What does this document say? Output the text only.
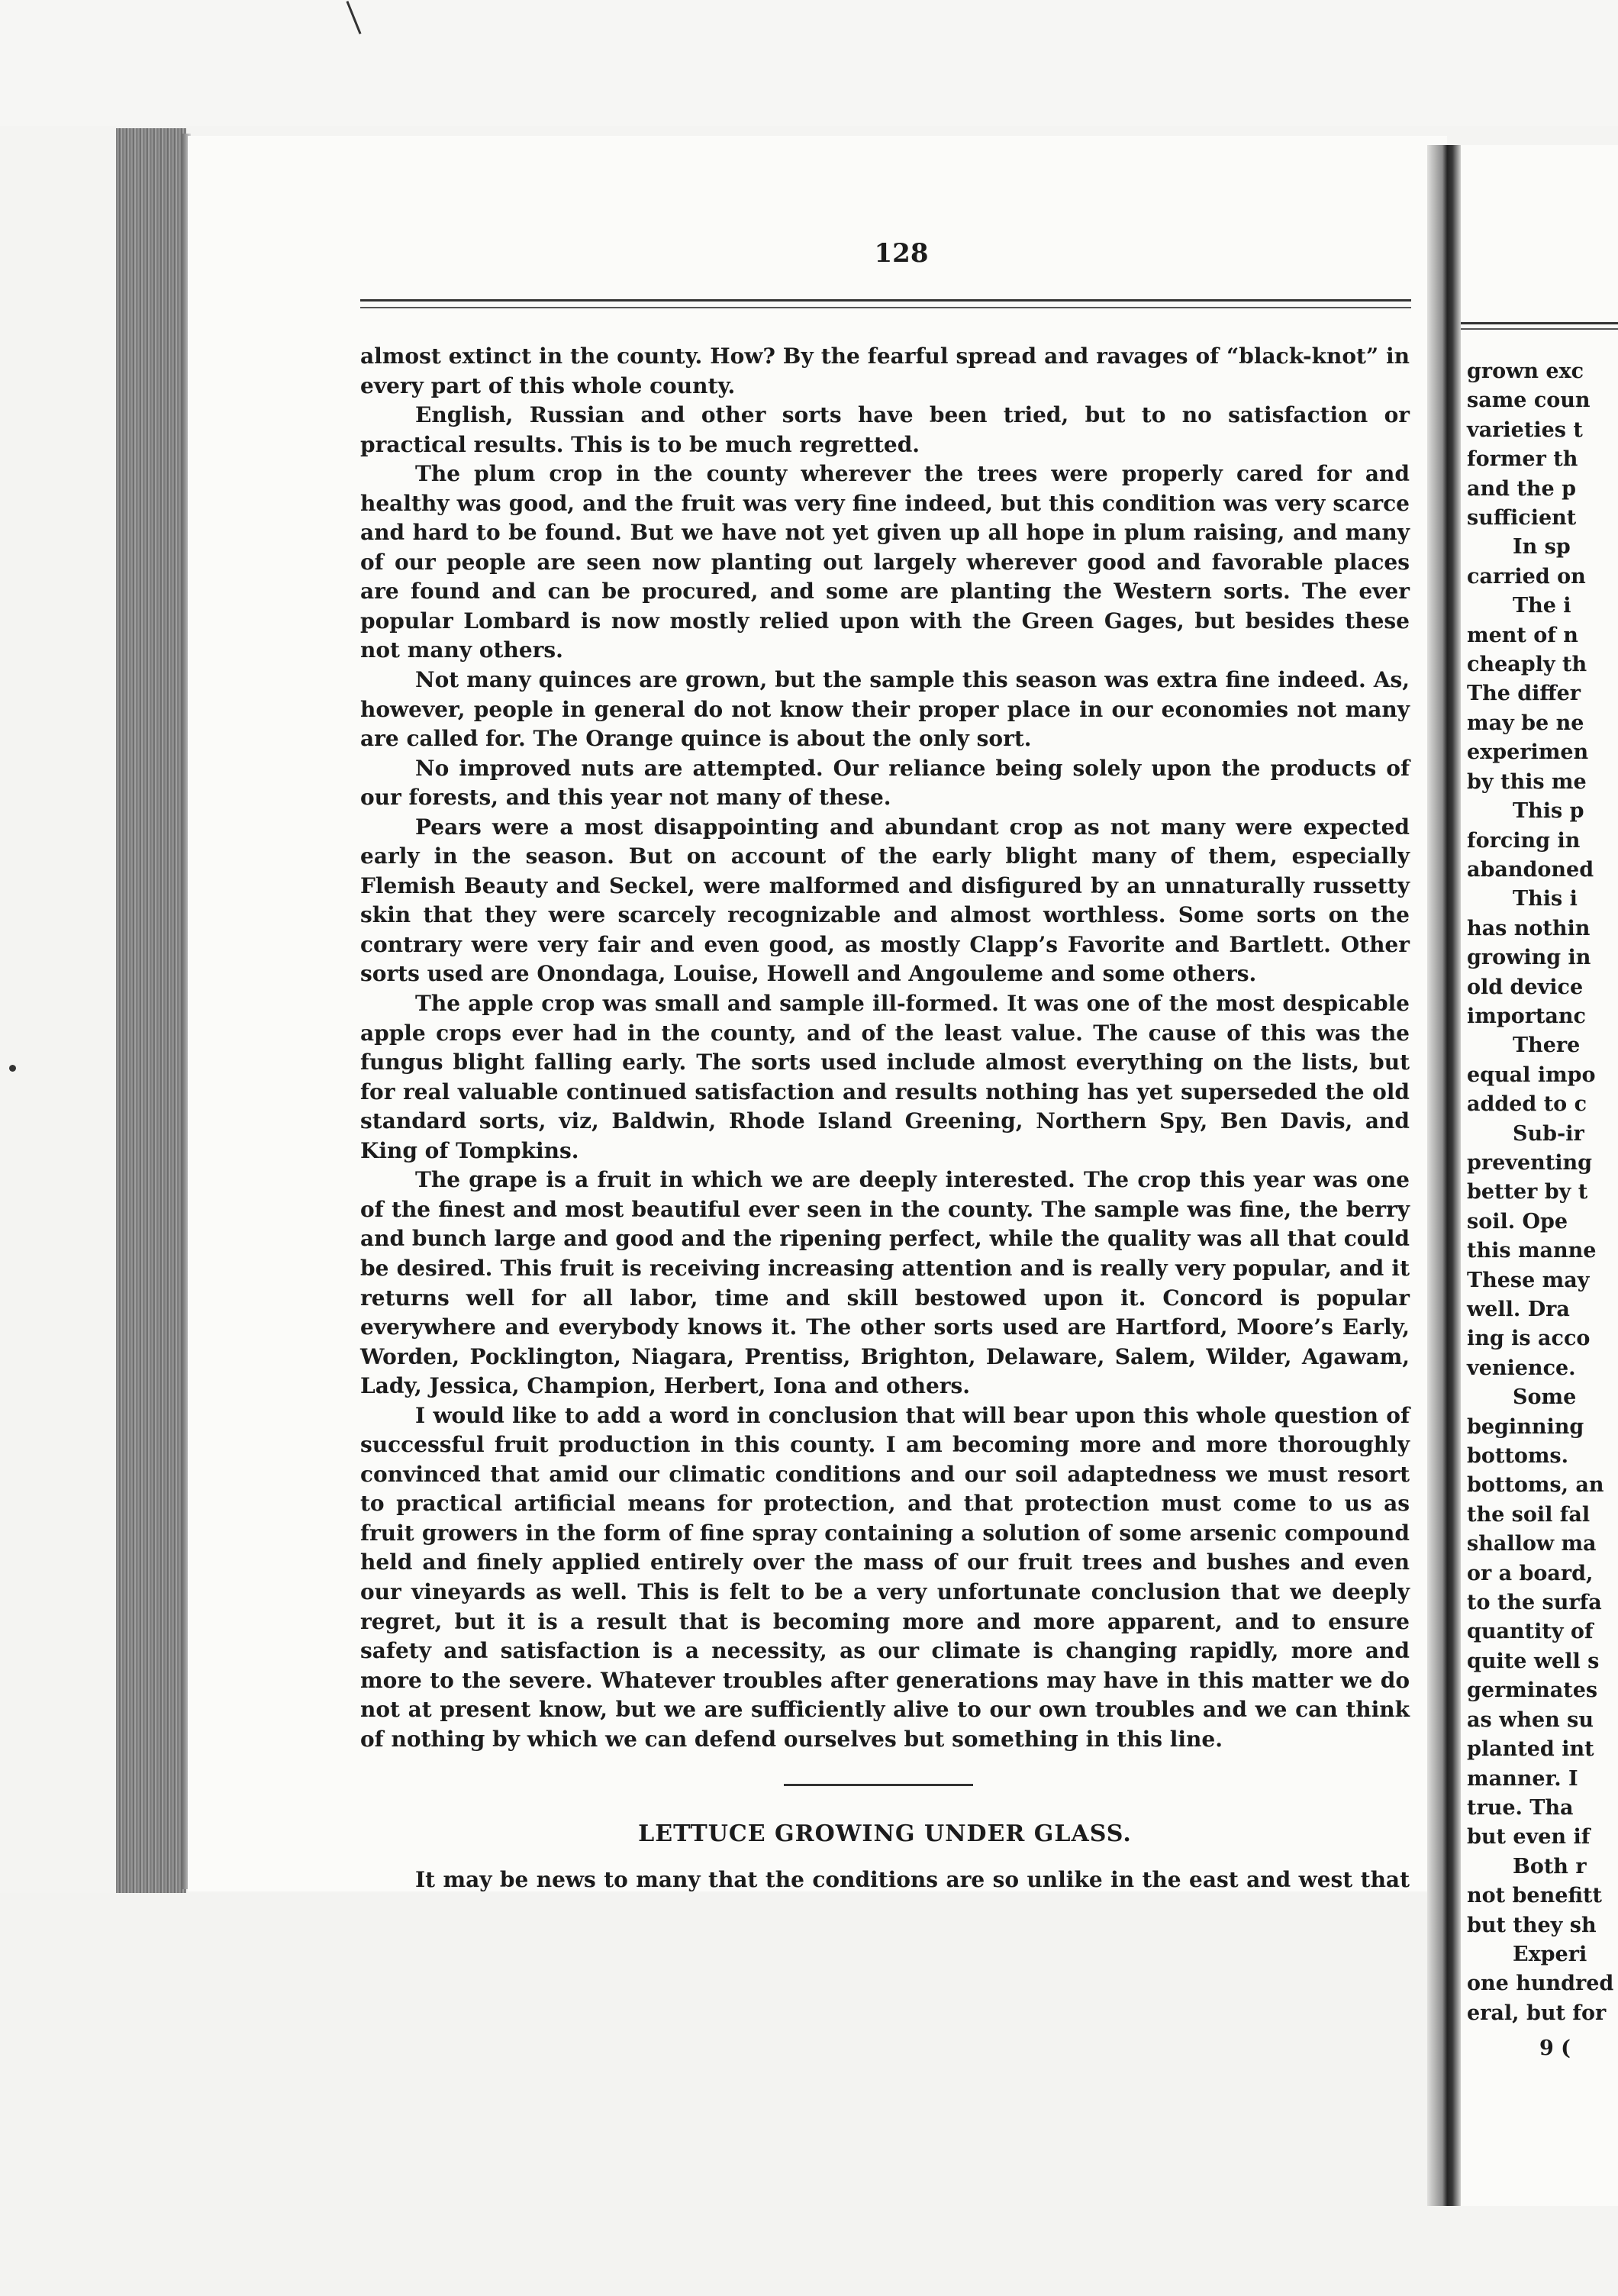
128

almost extinct in the county. How? By the fearful spread and ravages of “black-knot” in every part of this whole county.

English, Russian and other sorts have been tried, but to no satisfaction or practical results. This is to be much regretted.

The plum crop in the county wherever the trees were properly cared for and healthy was good, and the fruit was very fine indeed, but this condition was very scarce and hard to be found. But we have not yet given up all hope in plum raising, and many of our people are seen now planting out largely wherever good and favorable places are found and can be procured, and some are planting the Western sorts. The ever popular Lombard is now mostly relied upon with the Green Gages, but besides these not many others.

Not many quinces are grown, but the sample this season was extra fine indeed. As, however, people in general do not know their proper place in our economies not many are called for. The Orange quince is about the only sort.

No improved nuts are attempted. Our reliance being solely upon the products of our forests, and this year not many of these.

Pears were a most disappointing and abundant crop as not many were expected early in the season. But on account of the early blight many of them, especially Flemish Beauty and Seckel, were malformed and disfigured by an unnaturally russetty skin that they were scarcely recognizable and almost worthless. Some sorts on the contrary were very fair and even good, as mostly Clapp’s Favorite and Bartlett. Other sorts used are Onondaga, Louise, Howell and Angouleme and some others.

The apple crop was small and sample ill-formed. It was one of the most despicable apple crops ever had in the county, and of the least value. The cause of this was the fungus blight falling early. The sorts used include almost everything on the lists, but for real valuable continued satisfaction and results nothing has yet superseded the old standard sorts, viz, Baldwin, Rhode Island Greening, Northern Spy, Ben Davis, and King of Tompkins.

The grape is a fruit in which we are deeply interested. The crop this year was one of the finest and most beautiful ever seen in the county. The sample was fine, the berry and bunch large and good and the ripening perfect, while the quality was all that could be desired. This fruit is receiving increasing attention and is really very popular, and it returns well for all labor, time and skill bestowed upon it. Concord is popular everywhere and everybody knows it. The other sorts used are Hartford, Moore’s Early, Worden, Pocklington, Niagara, Prentiss, Brighton, Delaware, Salem, Wilder, Agawam, Lady, Jessica, Champion, Herbert, Iona and others.

I would like to add a word in conclusion that will bear upon this whole question of successful fruit production in this county. I am becoming more and more thoroughly convinced that amid our climatic conditions and our soil adaptedness we must resort to practical artificial means for protection, and that protection must come to us as fruit growers in the form of fine spray containing a solution of some arsenic compound held and finely applied entirely over the mass of our fruit trees and bushes and even our vineyards as well. This is felt to be a very unfortunate conclusion that we deeply regret, but it is a result that is becoming more and more apparent, and to ensure safety and satisfaction is a necessity, as our climate is changing rapidly, more and more to the severe. Whatever troubles after generations may have in this matter we do not at present know, but we are sufficiently alive to our own troubles and we can think of nothing by which we can defend ourselves but something in this line.

LETTUCE GROWING UNDER GLASS.

It may be news to many that the conditions are so unlike in the east and west that

grown exc
same coun
varieties t
former th
and the p
sufficient
In sp
carried on
The i
ment of n
cheaply th
The differ
may be ne
experimen
by this me
This p
forcing in
abandoned
This i
has nothin
growing in
old device
importanc
There
equal impo
added to c
Sub-ir
preventing
better by t
soil. Ope
this manne
These may
well. Dra
ing is acco
venience.
Some
beginning
bottoms.
bottoms, an
the soil fal
shallow ma
or a board,
to the surfa
quantity of
quite well s
germinates
as when su
planted int
manner. I
true. Tha
but even if
Both r
not benefitt
but they sh
Experi
one hundred
eral, but for
9 (
